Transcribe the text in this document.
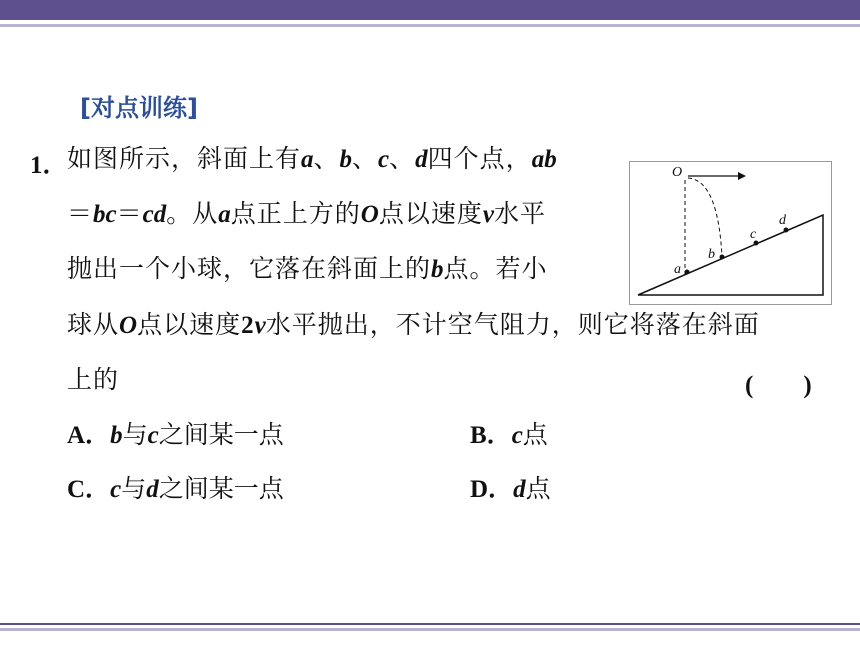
[对点训练]
1． 如图所示，斜面上有a、b、c、d四个点，ab
＝bc＝cd。从a点正上方的O点以速度v水平
抛出一个小球，它落在斜面上的b点。若小
球从O点以速度2v水平抛出，不计空气阻力，则它将落在斜面
上的	(　　)
A．b与c之间某一点	B．c点
C．c与d之间某一点	D．d点
O
a
b
c
d
